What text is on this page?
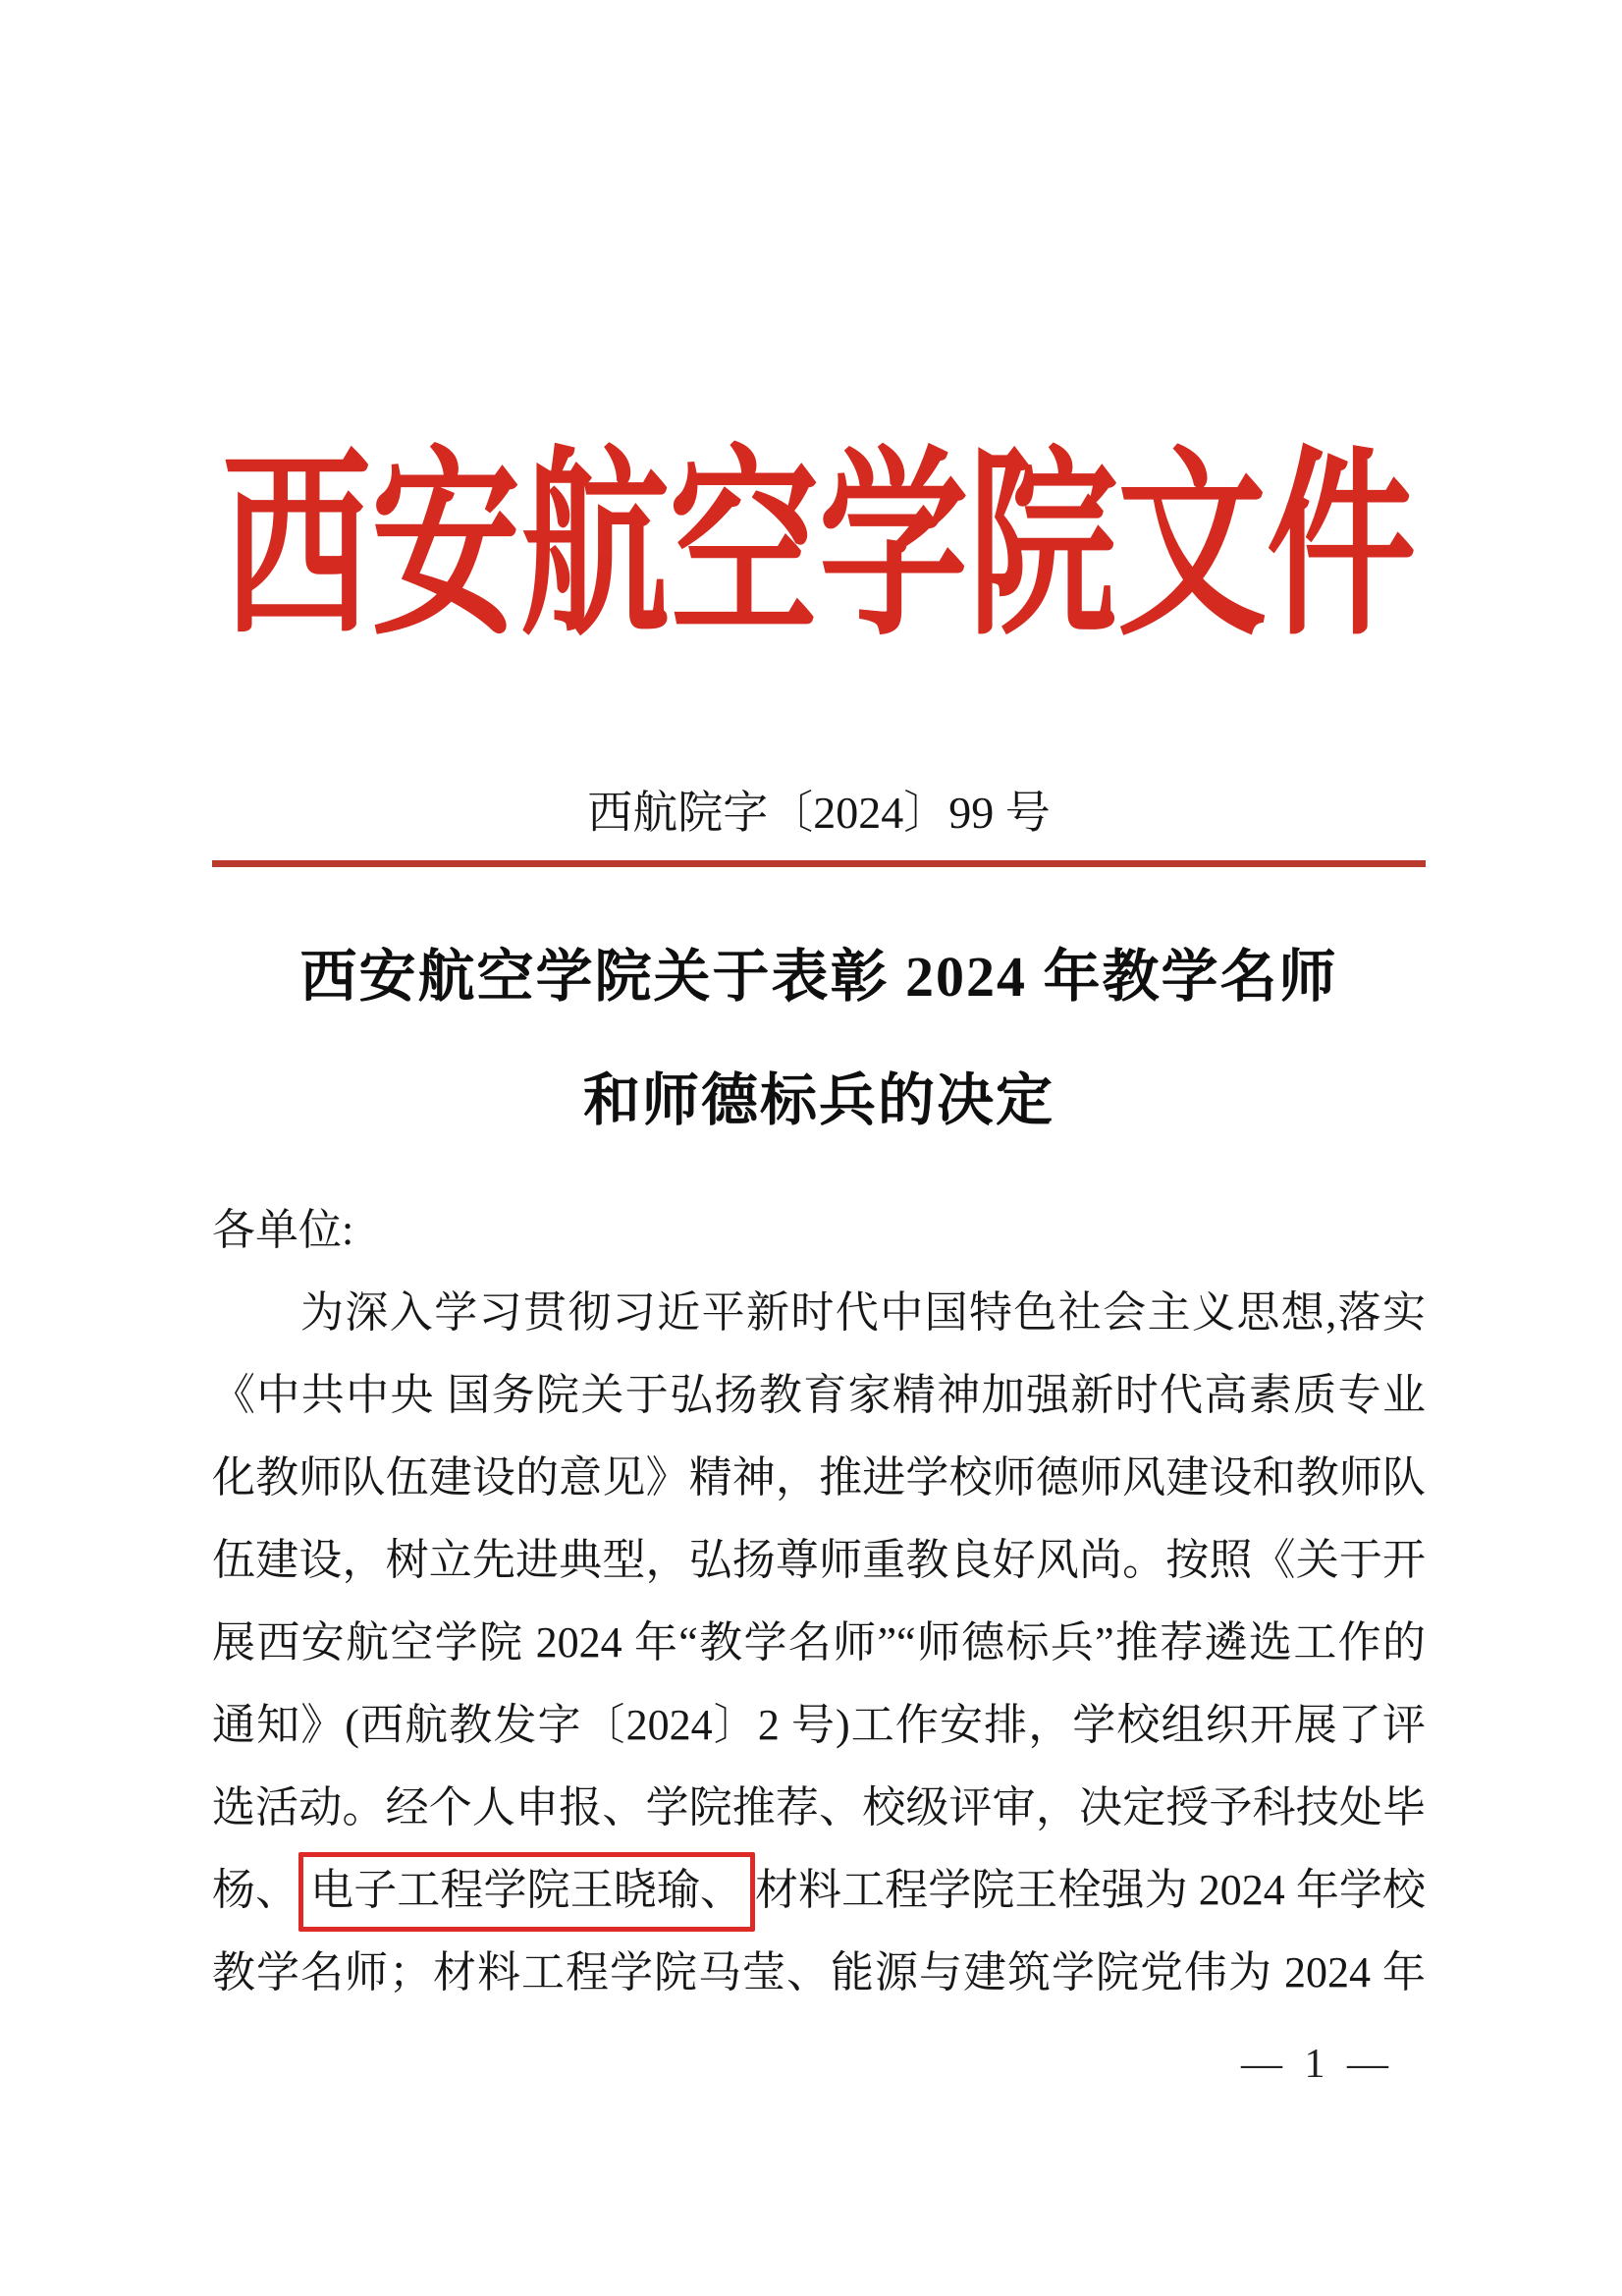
西安航空学院文件
西航院字〔2024〕99 号
西安航空学院关于表彰 2024 年教学名师
和师德标兵的决定
各单位:
为深入学习贯彻习近平新时代中国特色社会主义思想,落实
《中共中央 国务院关于弘扬教育家精神加强新时代高素质专业
化教师队伍建设的意见》精神，推进学校师德师风建设和教师队
伍建设，树立先进典型，弘扬尊师重教良好风尚。按照《关于开
展西安航空学院 2024 年“教学名师”“师德标兵”推荐遴选工作的
通知》(西航教发字〔2024〕2 号)工作安排，学校组织开展了评
选活动。经个人申报、学院推荐、校级评审，决定授予科技处毕
杨、 电子工程学院王晓瑜、 材料工程学院王栓强为 2024 年学校
教学名师；材料工程学院马莹、能源与建筑学院党伟为 2024 年
— 1 —
